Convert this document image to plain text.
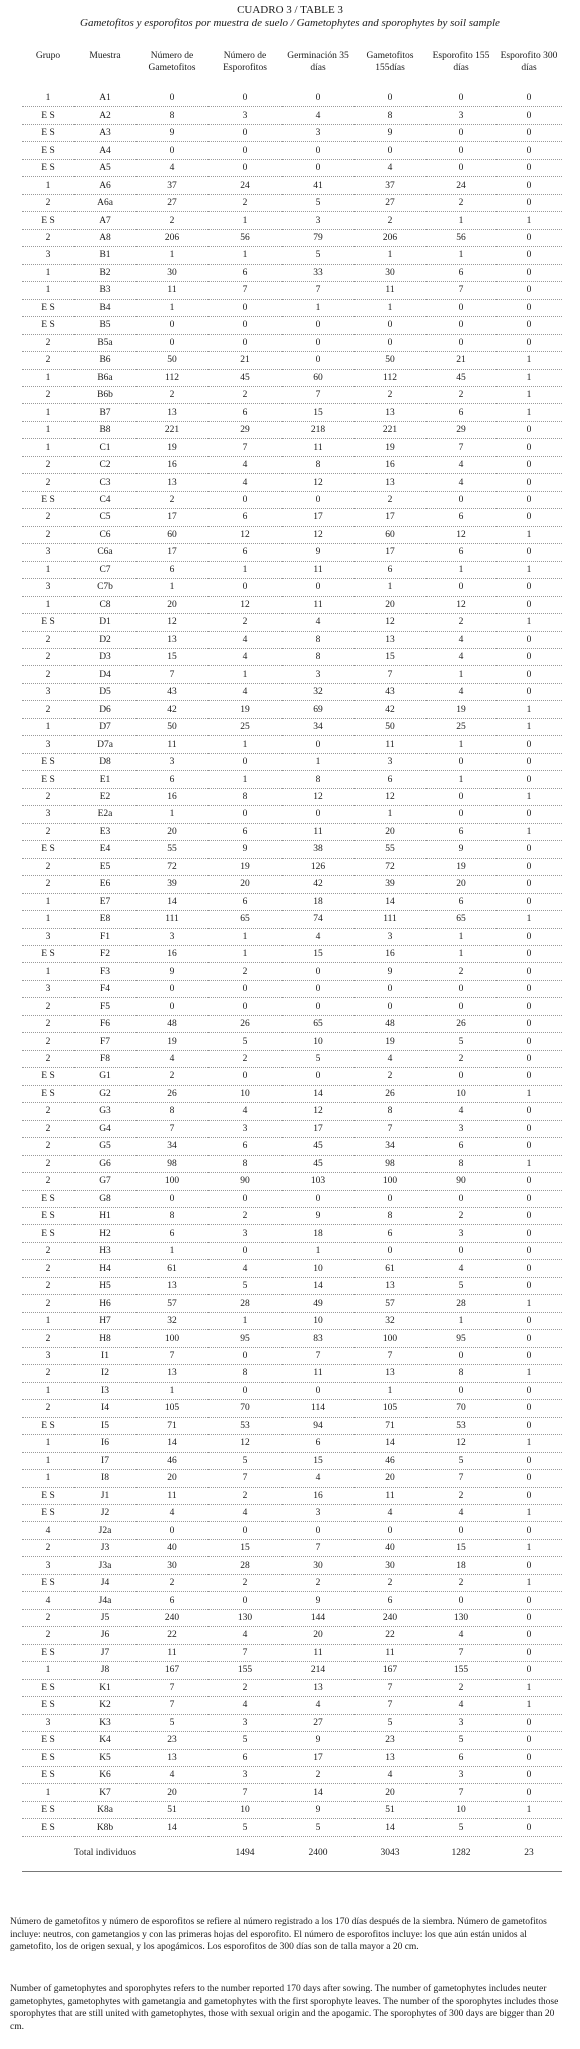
CUADRO 3 / TABLE 3
Gametofitos y esporofitos por muestra de suelo / Gametophytes and sporophytes by soil sample
Grupo	Muestra	Número de Gametofitos	Número de Esporofitos	Germinación 35 días	Gametofitos 155días	Esporofito 155 días	Esporofito 300 días
1	A1	0	0	0	0	0	0
E S	A2	8	3	4	8	3	0
E S	A3	9	0	3	9	0	0
E S	A4	0	0	0	0	0	0
E S	A5	4	0	0	4	0	0
1	A6	37	24	41	37	24	0
2	A6a	27	2	5	27	2	0
E S	A7	2	1	3	2	1	1
2	A8	206	56	79	206	56	0
3	B1	1	1	5	1	1	0
1	B2	30	6	33	30	6	0
1	B3	11	7	7	11	7	0
E S	B4	1	0	1	1	0	0
E S	B5	0	0	0	0	0	0
2	B5a	0	0	0	0	0	0
2	B6	50	21	0	50	21	1
1	B6a	112	45	60	112	45	1
2	B6b	2	2	7	2	2	1
1	B7	13	6	15	13	6	1
1	B8	221	29	218	221	29	0
1	C1	19	7	11	19	7	0
2	C2	16	4	8	16	4	0
2	C3	13	4	12	13	4	0
E S	C4	2	0	0	2	0	0
2	C5	17	6	17	17	6	0
2	C6	60	12	12	60	12	1
3	C6a	17	6	9	17	6	0
1	C7	6	1	11	6	1	1
3	C7b	1	0	0	1	0	0
1	C8	20	12	11	20	12	0
E S	D1	12	2	4	12	2	1
2	D2	13	4	8	13	4	0
2	D3	15	4	8	15	4	0
2	D4	7	1	3	7	1	0
3	D5	43	4	32	43	4	0
2	D6	42	19	69	42	19	1
1	D7	50	25	34	50	25	1
3	D7a	11	1	0	11	1	0
E S	D8	3	0	1	3	0	0
E S	E1	6	1	8	6	1	0
2	E2	16	8	12	12	0	1
3	E2a	1	0	0	1	0	0
2	E3	20	6	11	20	6	1
E S	E4	55	9	38	55	9	0
2	E5	72	19	126	72	19	0
2	E6	39	20	42	39	20	0
1	E7	14	6	18	14	6	0
1	E8	111	65	74	111	65	1
3	F1	3	1	4	3	1	0
E S	F2	16	1	15	16	1	0
1	F3	9	2	0	9	2	0
3	F4	0	0	0	0	0	0
2	F5	0	0	0	0	0	0
2	F6	48	26	65	48	26	0
2	F7	19	5	10	19	5	0
2	F8	4	2	5	4	2	0
E S	G1	2	0	0	2	0	0
E S	G2	26	10	14	26	10	1
2	G3	8	4	12	8	4	0
2	G4	7	3	17	7	3	0
2	G5	34	6	45	34	6	0
2	G6	98	8	45	98	8	1
2	G7	100	90	103	100	90	0
E S	G8	0	0	0	0	0	0
E S	H1	8	2	9	8	2	0
E S	H2	6	3	18	6	3	0
2	H3	1	0	1	0	0	0
2	H4	61	4	10	61	4	0
2	H5	13	5	14	13	5	0
2	H6	57	28	49	57	28	1
1	H7	32	1	10	32	1	0
2	H8	100	95	83	100	95	0
3	I1	7	0	7	7	0	0
2	I2	13	8	11	13	8	1
1	I3	1	0	0	1	0	0
2	I4	105	70	114	105	70	0
E S	I5	71	53	94	71	53	0
1	I6	14	12	6	14	12	1
1	I7	46	5	15	46	5	0
1	I8	20	7	4	20	7	0
E S	J1	11	2	16	11	2	0
E S	J2	4	4	3	4	4	1
4	J2a	0	0	0	0	0	0
2	J3	40	15	7	40	15	1
3	J3a	30	28	30	30	18	0
E S	J4	2	2	2	2	2	1
4	J4a	6	0	9	6	0	0
2	J5	240	130	144	240	130	0
2	J6	22	4	20	22	4	0
E S	J7	11	7	11	11	7	0
1	J8	167	155	214	167	155	0
E S	K1	7	2	13	7	2	1
E S	K2	7	4	4	7	4	1
3	K3	5	3	27	5	3	0
E S	K4	23	5	9	23	5	0
E S	K5	13	6	17	13	6	0
E S	K6	4	3	2	4	3	0
1	K7	20	7	14	20	7	0
E S	K8a	51	10	9	51	10	1
E S	K8b	14	5	5	14	5	0
	Total individuos		1494	2400	3043	1282	23

Número de gametofitos y número de esporofitos se refiere al número registrado a los 170 días después de la siembra. Número de gametofitos incluye: neutros, con gametangios y con las primeras hojas del esporofito. El número de esporofitos incluye: los que aún están unidos al gametofito, los de origen sexual, y los apogámicos. Los esporofitos de 300 días son de talla mayor a 20 cm.

Number of gametophytes and sporophytes refers to the number reported 170 days after sowing. The number of gametophytes includes neuter gametophytes, gametophytes with gametangia and gametophytes with the first sporophyte leaves. The number of the sporophytes includes those sporophytes that are still united with gametophytes, those with sexual origin and the apogamic. The sporophytes of 300 days are bigger than 20 cm.
